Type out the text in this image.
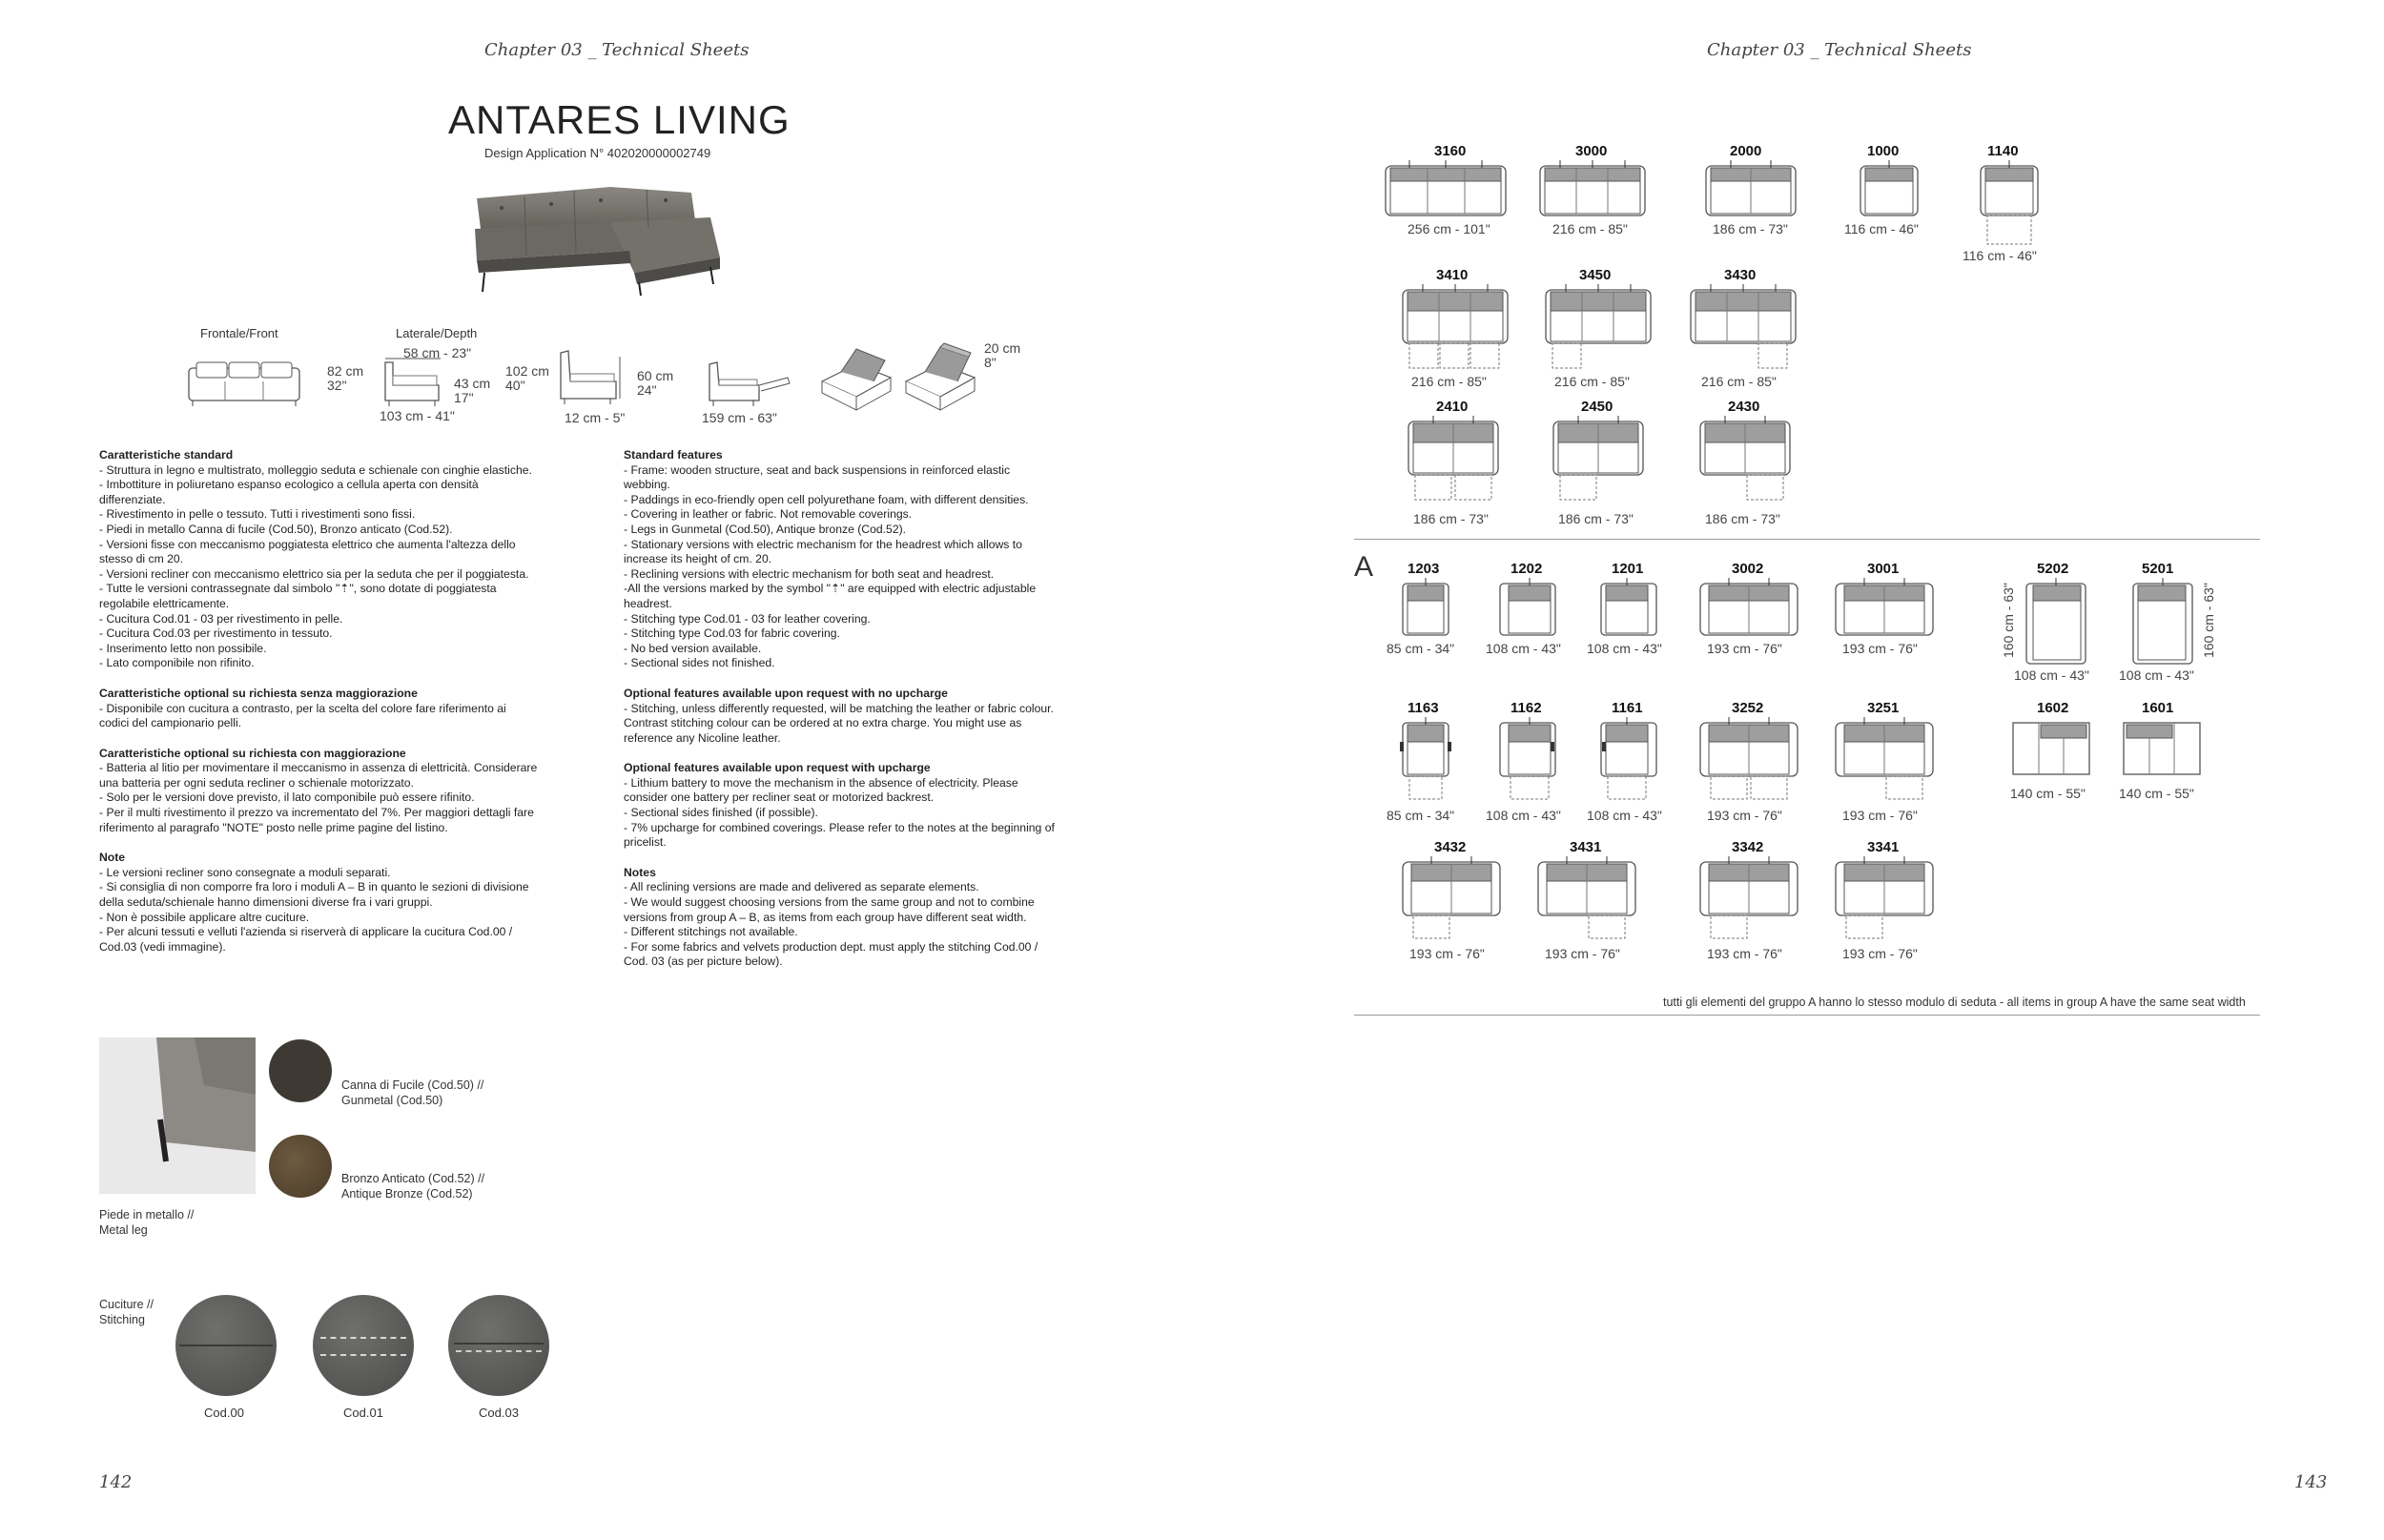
Chapter 03 _ Technical Sheets
ANTARES LIVING
Design Application N° 402020000002749
Frontale/Front	Laterale/Depth
58 cm - 23"
82 cm
32"	43 cm
17"
103 cm - 41"
102 cm
40"
60 cm
24"
12 cm - 5"	159 cm - 63"
20 cm
8"
Caratteristiche standard

- Struttura in legno e multistrato, molleggio seduta e schienale con cinghie elastiche.

- Imbottiture in poliuretano espanso ecologico a cellula aperta con densità

differenziate.

- Rivestimento in pelle o tessuto. Tutti i rivestimenti sono fissi.

- Piedi in metallo Canna di fucile (Cod.50), Bronzo anticato (Cod.52).

- Versioni fisse con meccanismo poggiatesta elettrico che aumenta l'altezza dello

stesso di cm 20.

- Versioni recliner con meccanismo elettrico sia per la seduta che per il poggiatesta.

- Tutte le versioni contrassegnate dal simbolo "⇡", sono dotate di poggiatesta

regolabile elettricamente.

- Cucitura Cod.01 - 03 per rivestimento in pelle.

- Cucitura Cod.03 per rivestimento in tessuto.

- Inserimento letto non possibile.

- Lato componibile non rifinito.

Caratteristiche optional su richiesta senza maggiorazione

- Disponibile con cucitura a contrasto, per la scelta del colore fare riferimento ai

codici del campionario pelli.

Caratteristiche optional su richiesta con maggiorazione

- Batteria al litio per movimentare il meccanismo in assenza di elettricità. Considerare

una batteria per ogni seduta recliner o schienale motorizzato.

- Solo per le versioni dove previsto, il lato componibile può essere rifinito.

- Per il multi rivestimento il prezzo va incrementato del 7%. Per maggiori dettagli fare

riferimento al paragrafo "NOTE" posto nelle prime pagine del listino.

Note

- Le versioni recliner sono consegnate a moduli separati.

- Si consiglia di non comporre fra loro i moduli A – B in quanto le sezioni di divisione

della seduta/schienale hanno dimensioni diverse fra i vari gruppi.

- Non è possibile applicare altre cuciture.

- Per alcuni tessuti e velluti l'azienda si riserverà di applicare la cucitura Cod.00 /

Cod.03 (vedi immagine).

Standard features

- Frame: wooden structure, seat and back suspensions in reinforced elastic

webbing.

- Paddings in eco-friendly open cell polyurethane foam, with different densities.

- Covering in leather or fabric. Not removable coverings.

- Legs in Gunmetal (Cod.50), Antique bronze (Cod.52).

- Stationary versions with electric mechanism for the headrest which allows to

increase its height of cm. 20.

- Reclining versions with electric mechanism for both seat and headrest.

-All the versions marked by the symbol "⇡" are equipped with electric adjustable

headrest.

- Stitching type Cod.01 - 03 for leather covering.

- Stitching type Cod.03 for fabric covering.

- No bed version available.

- Sectional sides not finished.

Optional features available upon request with no upcharge

- Stitching, unless differently requested, will be matching the leather or fabric colour.

Contrast stitching colour can be ordered at no extra charge. You might use as

reference any Nicoline leather.

Optional features available upon request with upcharge

- Lithium battery to move the mechanism in the absence of electricity. Please

consider one battery per recliner seat or motorized backrest.

- Sectional sides finished (if possible).

- 7% upcharge for combined coverings. Please refer to the notes at the beginning of

pricelist.

Notes

- All reclining versions are made and delivered as separate elements.

- We would suggest choosing versions from the same group and not to combine

versions from group A – B, as items from each group have different seat width.

- Different stitchings not available.

- For some fabrics and velvets production dept. must apply the stitching Cod.00 /

Cod. 03 (as per picture below).

Piede in metallo //
Metal leg
Canna di Fucile (Cod.50) //
Gunmetal (Cod.50)
Bronzo Anticato (Cod.52) //
Antique Bronze (Cod.52)
Cuciture //
Stitching
Cod.00	Cod.01	Cod.03
142
Chapter 03 _ Technical Sheets
3160
256 cm - 101"
3000
216 cm - 85"
2000
186 cm - 73"
1000
116 cm - 46"
1140
116 cm - 46"
3410
216 cm - 85"
3450
216 cm - 85"
3430
216 cm - 85"
2410
186 cm - 73"
2450
186 cm - 73"
2430
186 cm - 73"
A 1203
85 cm - 34"
1202
108 cm - 43"
1201
108 cm - 43"
3002
193 cm - 76"
3001
193 cm - 76"
5202
160 cm - 63"
108 cm - 43"
5201
160 cm - 63"
108 cm - 43"
1163
85 cm - 34"
1162
108 cm - 43"
1161
108 cm - 43"
3252
193 cm - 76"
3251
193 cm - 76"
1602
140 cm - 55"
1601
140 cm - 55"
3432
193 cm - 76"
3431
193 cm - 76"
3342
193 cm - 76"
3341
193 cm - 76"
tutti gli elementi del gruppo A hanno lo stesso modulo di seduta - all items in group A have the same seat width
143
